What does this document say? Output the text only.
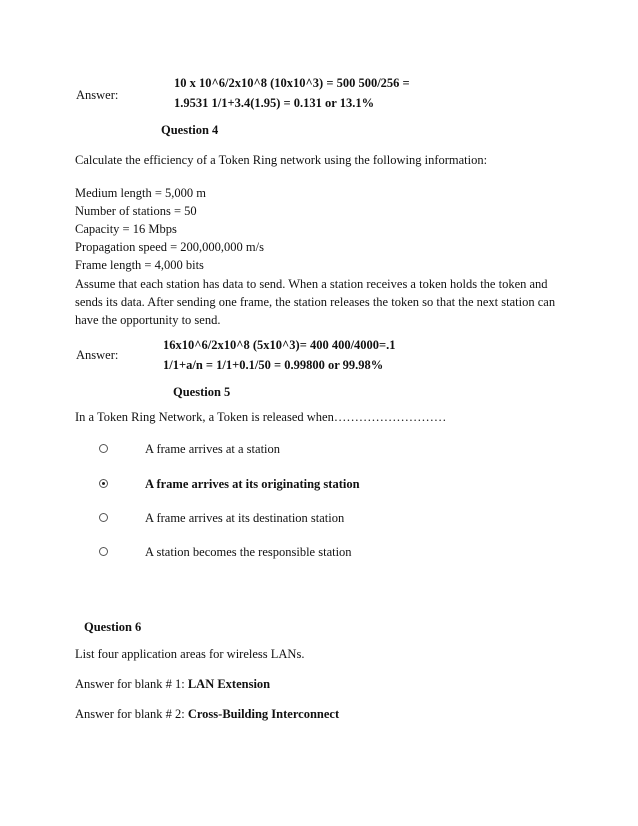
Answer:
10 x 10^6/2x10^8 (10x10^3) = 500 500/256 =
1.9531 1/1+3.4(1.95) = 0.131 or 13.1%
Question 4
Calculate the efficiency of a Token Ring network using the following information:
Medium length = 5,000 m
Number of stations = 50
Capacity = 16 Mbps
Propagation speed = 200,000,000 m/s
Frame length = 4,000 bits
Assume that each station has data to send. When a station receives a token holds the token and
sends its data. After sending one frame, the station releases the token so that the next station can
have the opportunity to send.
Answer:
16x10^6/2x10^8 (5x10^3)= 400 400/4000=.1
1/1+a/n = 1/1+0.1/50 = 0.99800 or 99.98%
Question 5
In a Token Ring Network, a Token is released when………………………
A frame arrives at a station
A frame arrives at its originating station
A frame arrives at its destination station
A station becomes the responsible station
Question 6
List four application areas for wireless LANs.
Answer for blank # 1: LAN Extension
Answer for blank # 2: Cross-Building Interconnect
